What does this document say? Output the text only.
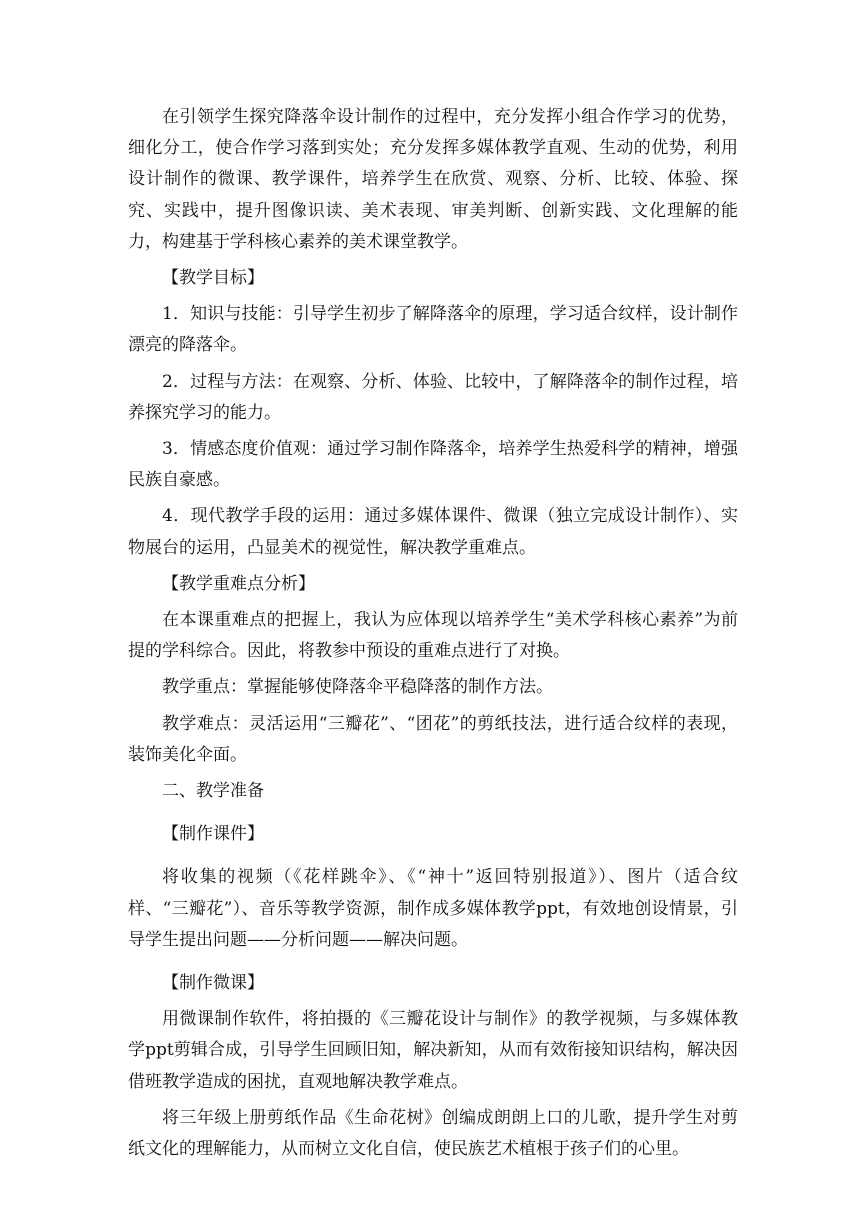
在引领学生探究降落伞设计制作的过程中，充分发挥小组合作学习的优势，细化分工，使合作学习落到实处；充分发挥多媒体教学直观、生动的优势，利用设计制作的微课、教学课件，培养学生在欣赏、观察、分析、比较、体验、探究、实践中，提升图像识读、美术表现、审美判断、创新实践、文化理解的能力，构建基于学科核心素养的美术课堂教学。

【教学目标】

1．知识与技能：引导学生初步了解降落伞的原理，学习适合纹样，设计制作漂亮的降落伞。

2．过程与方法：在观察、分析、体验、比较中，了解降落伞的制作过程，培养探究学习的能力。

3．情感态度价值观：通过学习制作降落伞，培养学生热爱科学的精神，增强民族自豪感。

4．现代教学手段的运用：通过多媒体课件、微课（独立完成设计制作）、实物展台的运用，凸显美术的视觉性，解决教学重难点。

【教学重难点分析】

在本课重难点的把握上，我认为应体现以培养学生“美术学科核心素养”为前提的学科综合。因此，将教参中预设的重难点进行了对换。

教学重点：掌握能够使降落伞平稳降落的制作方法。

教学难点：灵活运用“三瓣花”、“团花”的剪纸技法，进行适合纹样的表现，装饰美化伞面。

二、教学准备

【制作课件】

将收集的视频（《花样跳伞》、《“神十”返回特别报道》）、图片（适合纹样、“三瓣花”）、音乐等教学资源，制作成多媒体教学ppt，有效地创设情景，引导学生提出问题——分析问题——解决问题。

【制作微课】

用微课制作软件，将拍摄的《三瓣花设计与制作》的教学视频，与多媒体教学ppt剪辑合成，引导学生回顾旧知，解决新知，从而有效衔接知识结构，解决因借班教学造成的困扰，直观地解决教学难点。

将三年级上册剪纸作品《生命花树》创编成朗朗上口的儿歌，提升学生对剪纸文化的理解能力，从而树立文化自信，使民族艺术植根于孩子们的心里。
